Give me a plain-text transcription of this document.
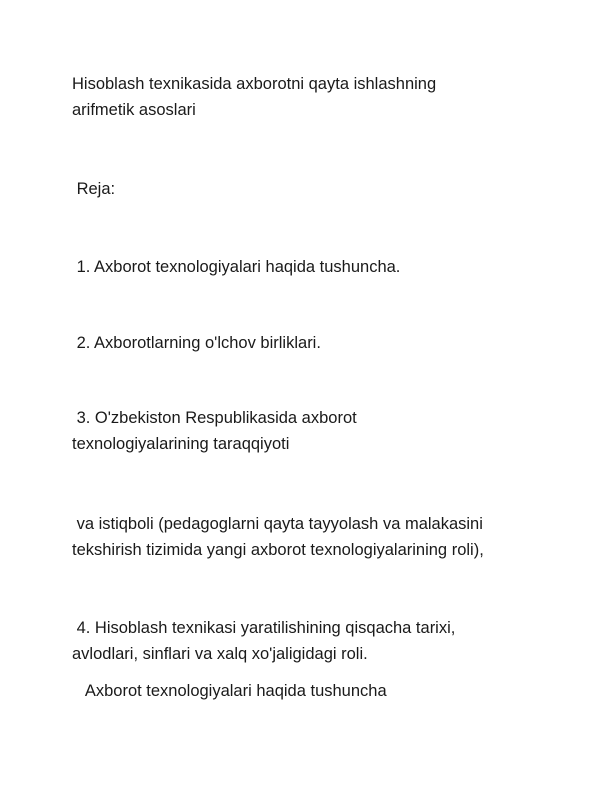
Hisoblash texnikasida axborotni qayta ishlashning
arifmetik asoslari
Reja:
1. Axborot texnologiyalari haqida tushuncha.
2. Axborotlarning o'lchov birliklari.
3. O'zbekiston Respublikasida axborot
texnologiyalarining taraqqiyoti
va istiqboli (pedagoglarni qayta tayyolash va malakasini
tekshirish tizimida yangi axborot texnologiyalarining roli),
4. Hisoblash texnikasi yaratilishining qisqacha tarixi,
avlodlari, sinflari va xalq xo'jaligidagi roli.
Axborot texnologiyalari haqida tushuncha
